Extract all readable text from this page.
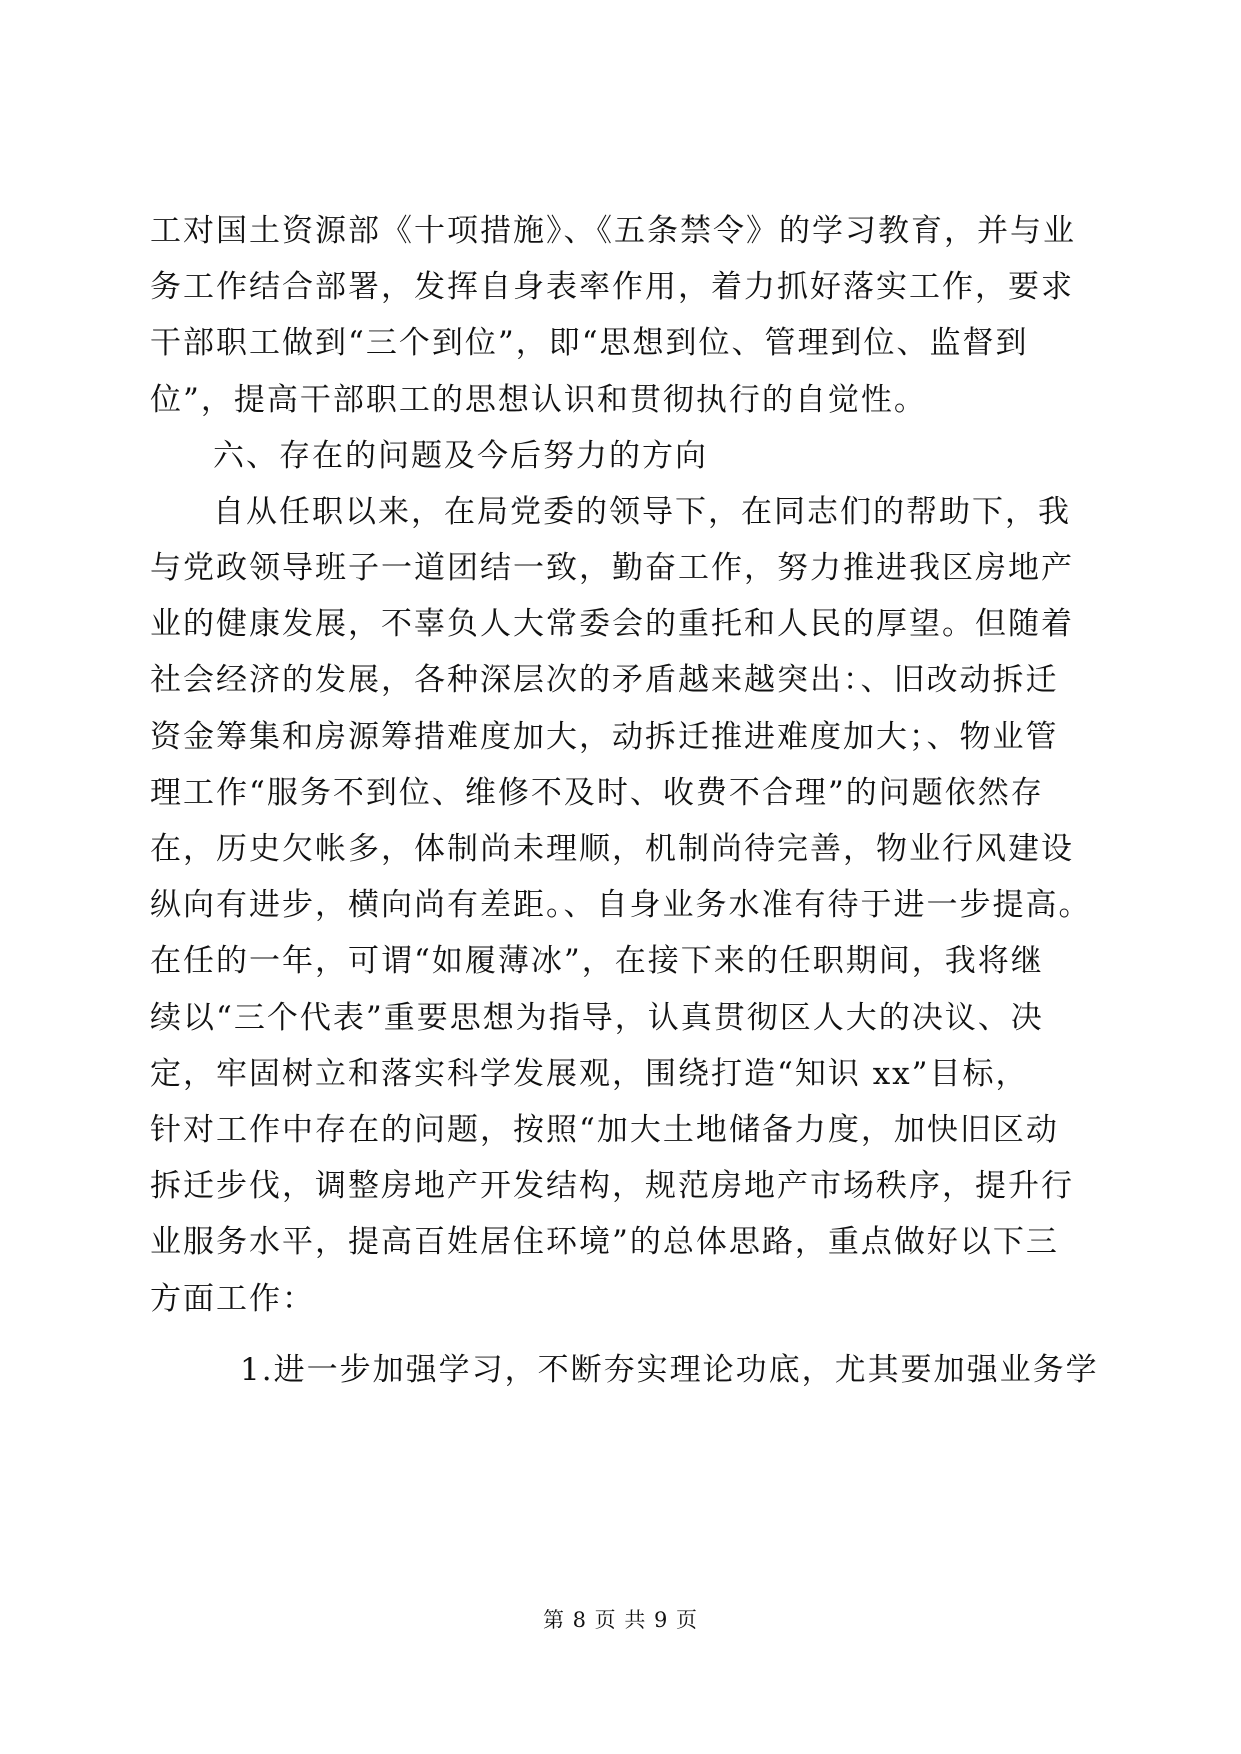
工对国土资源部《十项措施》、《五条禁令》的学习教育，并与业
务工作结合部署，发挥自身表率作用，着力抓好落实工作，要求
干部职工做到“三个到位”，即“思想到位、管理到位、监督到
位”，提高干部职工的思想认识和贯彻执行的自觉性。
六、存在的问题及今后努力的方向
自从任职以来，在局党委的领导下，在同志们的帮助下，我
与党政领导班子一道团结一致，勤奋工作，努力推进我区房地产
业的健康发展，不辜负人大常委会的重托和人民的厚望。但随着
社会经济的发展，各种深层次的矛盾越来越突出：、旧改动拆迁
资金筹集和房源筹措难度加大，动拆迁推进难度加大；、物业管
理工作“服务不到位、维修不及时、收费不合理”的问题依然存
在，历史欠帐多，体制尚未理顺，机制尚待完善，物业行风建设
纵向有进步，横向尚有差距。、自身业务水准有待于进一步提高。
在任的一年，可谓“如履薄冰”，在接下来的任职期间，我将继
续以“三个代表”重要思想为指导，认真贯彻区人大的决议、决
定，牢固树立和落实科学发展观，围绕打造“知识 xx”目标，
针对工作中存在的问题，按照“加大土地储备力度，加快旧区动
拆迁步伐，调整房地产开发结构，规范房地产市场秩序，提升行
业服务水平，提高百姓居住环境”的总体思路，重点做好以下三
方面工作：
1.进一步加强学习，不断夯实理论功底，尤其要加强业务学
第 8 页 共 9 页
